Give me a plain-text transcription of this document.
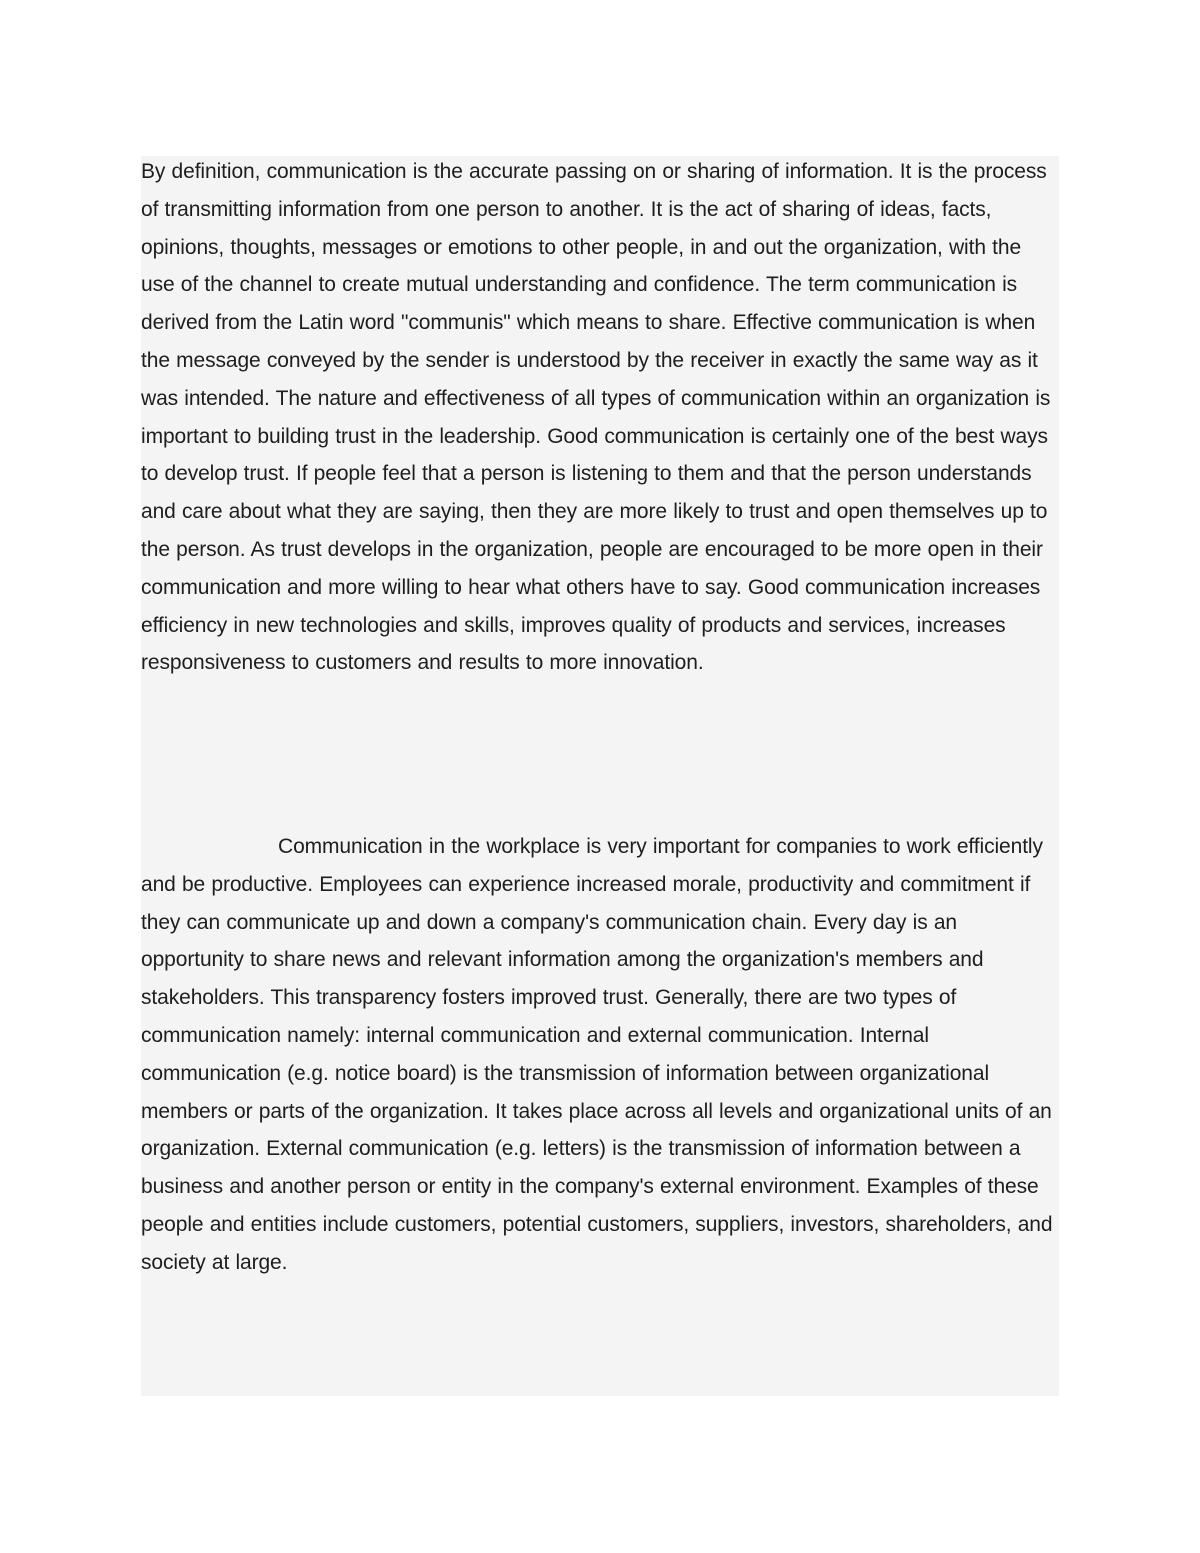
By definition, communication is the accurate passing on or sharing of information. It is the process of transmitting information from one person to another. It is the act of sharing of ideas, facts, opinions, thoughts, messages or emotions to other people, in and out the organization, with the use of the channel to create mutual understanding and confidence. The term communication is derived from the Latin word "communis" which means to share. Effective communication is when the message conveyed by the sender is understood by the receiver in exactly the same way as it was intended. The nature and effectiveness of all types of communication within an organization is important to building trust in the leadership. Good communication is certainly one of the best ways to develop trust. If people feel that a person is listening to them and that the person understands and care about what they are saying, then they are more likely to trust and open themselves up to the person. As trust develops in the organization, people are encouraged to be more open in their communication and more willing to hear what others have to say. Good communication increases efficiency in new technologies and skills, improves quality of products and services, increases responsiveness to customers and results to more innovation.

Communication in the workplace is very important for companies to work efficiently and be productive. Employees can experience increased morale, productivity and commitment if they can communicate up and down a company's communication chain. Every day is an opportunity to share news and relevant information among the organization's members and stakeholders. This transparency fosters improved trust. Generally, there are two types of communication namely: internal communication and external communication. Internal communication (e.g. notice board) is the transmission of information between organizational members or parts of the organization. It takes place across all levels and organizational units of an organization. External communication (e.g. letters) is the transmission of information between a business and another person or entity in the company's external environment. Examples of these people and entities include customers, potential customers, suppliers, investors, shareholders, and society at large.
